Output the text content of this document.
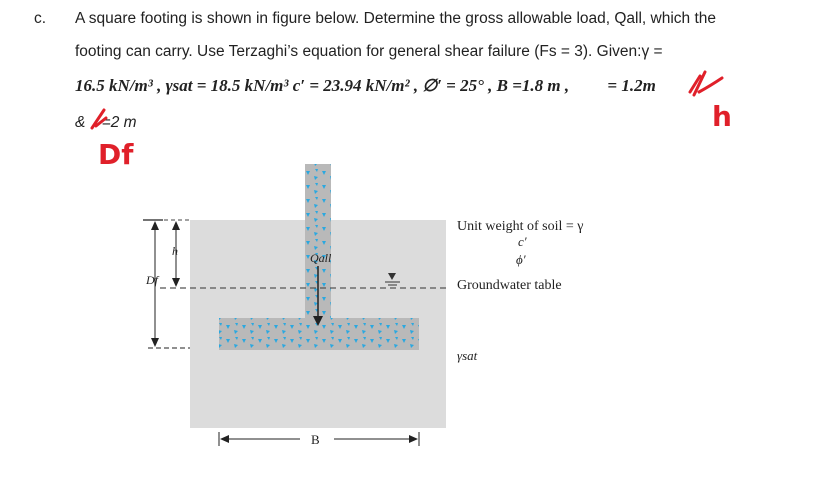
c. A square footing is shown in figure below. Determine the gross allowable load, Qall, which the
footing can carry. Use Terzaghi’s equation for general shear failure (Fs = 3). Given:γ =
16.5 kN/m³ , γsat = 18.5 kN/m³ c′ = 23.94 kN/m² , ∅′ = 25° , B =1.8 m , = 1.2m
& =2 m	h
Df
Unit weight of soil = γ
c′
ϕ′
Groundwater table
γsat
Qall
h
Df
B
